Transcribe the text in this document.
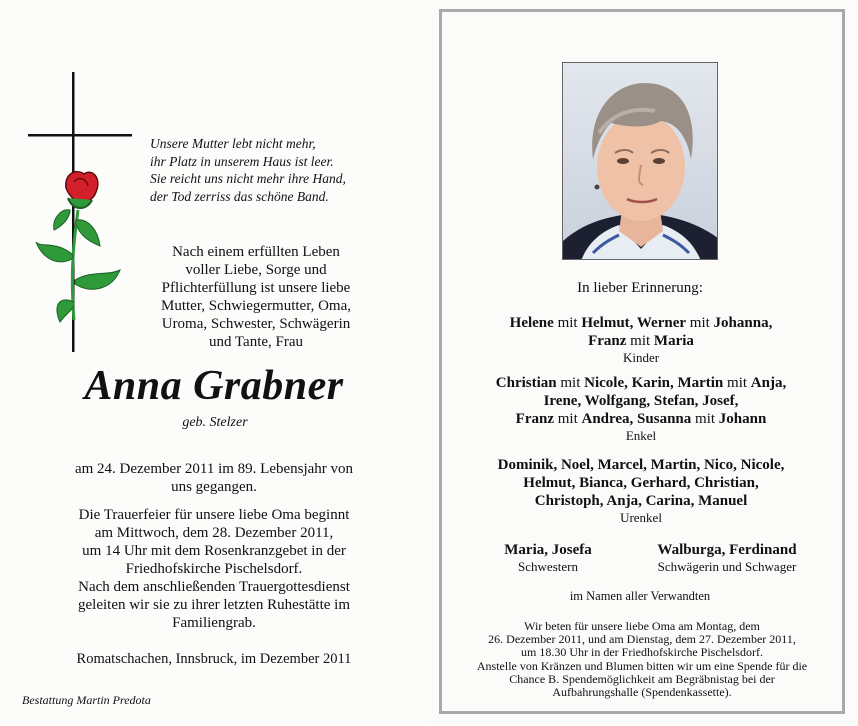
Unsere Mutter lebt nicht mehr,
ihr Platz in unserem Haus ist leer.
Sie reicht uns nicht mehr ihre Hand,
der Tod zerriss das schöne Band.
Nach einem erfüllten Leben
voller Liebe, Sorge und
Pflichterfüllung ist unsere liebe
Mutter, Schwiegermutter, Oma,
Uroma, Schwester, Schwägerin
und Tante, Frau
Anna Grabner
geb. Stelzer
am 24. Dezember 2011 im 89. Lebensjahr von
uns gegangen.
Die Trauerfeier für unsere liebe Oma beginnt
am Mittwoch, dem 28. Dezember 2011,
um 14 Uhr mit dem Rosenkranzgebet in der
Friedhofskirche Pischelsdorf.
Nach dem anschließenden Trauergottesdienst
geleiten wir sie zu ihrer letzten Ruhestätte im
Familiengrab.
Romatschachen, Innsbruck, im Dezember 2011
Bestattung Martin Predota
In lieber Erinnerung:
Helene mit Helmut, Werner mit Johanna,
Franz mit Maria
Kinder
Christian mit Nicole, Karin, Martin mit Anja,
Irene, Wolfgang, Stefan, Josef,
Franz mit Andrea, Susanna mit Johann
Enkel
Dominik, Noel, Marcel, Martin, Nico, Nicole,
Helmut, Bianca, Gerhard, Christian,
Christoph, Anja, Carina, Manuel
Urenkel
Maria, Josefa
Schwestern
Walburga, Ferdinand
Schwägerin und Schwager
im Namen aller Verwandten
Wir beten für unsere liebe Oma am Montag, dem
26. Dezember 2011, und am Dienstag, dem 27. Dezember 2011,
um 18.30 Uhr in der Friedhofskirche Pischelsdorf.
Anstelle von Kränzen und Blumen bitten wir um eine Spende für die
Chance B. Spendemöglichkeit am Begräbnistag bei der
Aufbahrungshalle (Spendenkassette).
